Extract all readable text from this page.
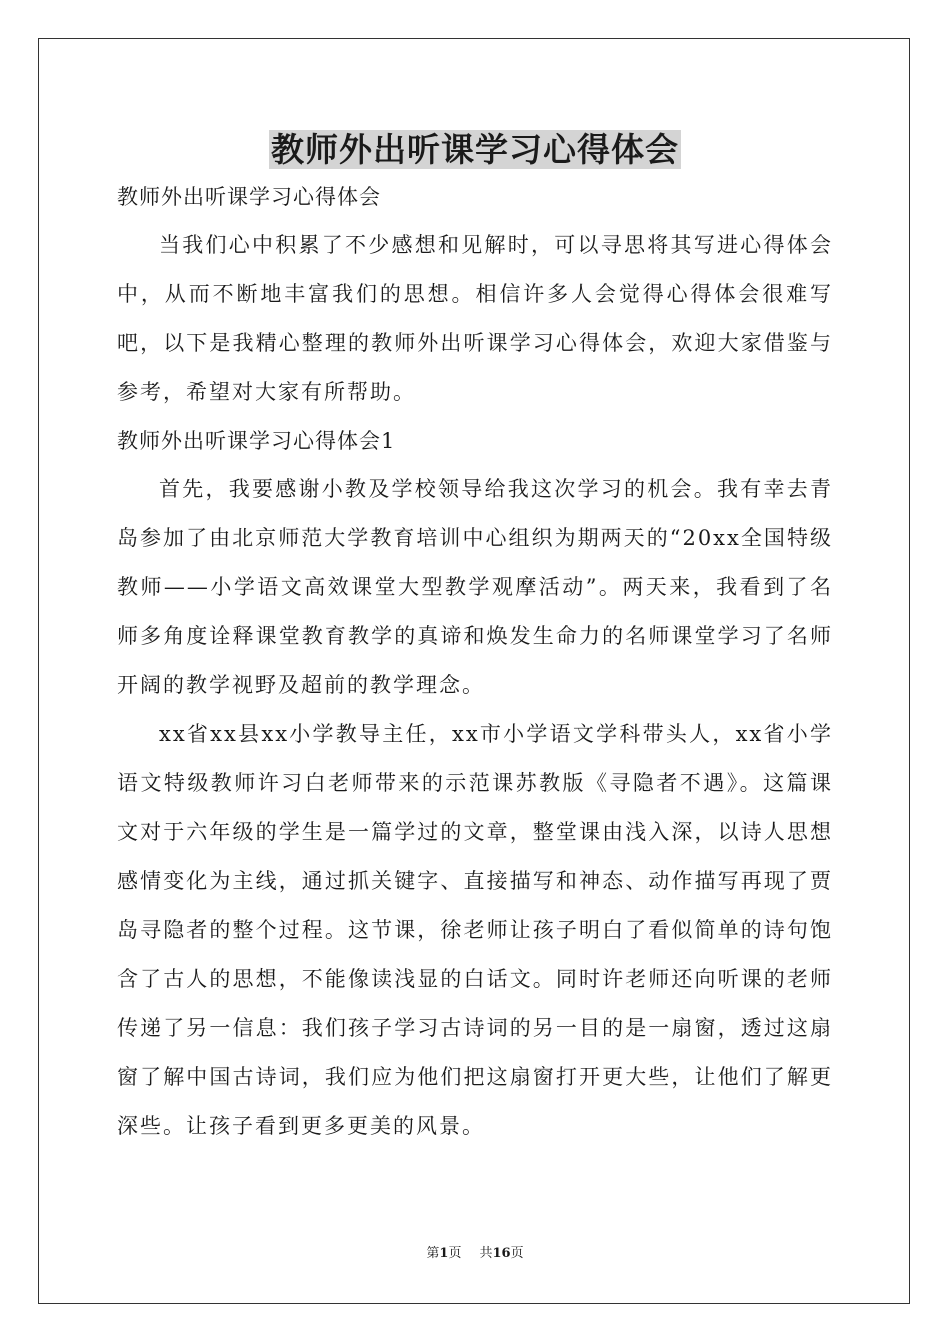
教师外出听课学习心得体会

教师外出听课学习心得体会

当我们心中积累了不少感想和见解时，可以寻思将其写进心得体会中，从而不断地丰富我们的思想。相信许多人会觉得心得体会很难写吧，以下是我精心整理的教师外出听课学习心得体会，欢迎大家借鉴与参考，希望对大家有所帮助。

教师外出听课学习心得体会1

首先，我要感谢小教及学校领导给我这次学习的机会。我有幸去青岛参加了由北京师范大学教育培训中心组织为期两天的“20xx全国特级教师——小学语文高效课堂大型教学观摩活动”。两天来，我看到了名师多角度诠释课堂教育教学的真谛和焕发生命力的名师课堂学习了名师开阔的教学视野及超前的教学理念。

xx省xx县xx小学教导主任，xx市小学语文学科带头人，xx省小学语文特级教师许习白老师带来的示范课苏教版《寻隐者不遇》。这篇课文对于六年级的学生是一篇学过的文章，整堂课由浅入深，以诗人思想感情变化为主线，通过抓关键字、直接描写和神态、动作描写再现了贾岛寻隐者的整个过程。这节课，徐老师让孩子明白了看似简单的诗句饱含了古人的思想，不能像读浅显的白话文。同时许老师还向听课的老师传递了另一信息：我们孩子学习古诗词的另一目的是一扇窗，透过这扇窗了解中国古诗词，我们应为他们把这扇窗打开更大些，让他们了解更深些。让孩子看到更多更美的风景。

第1页 共16页
